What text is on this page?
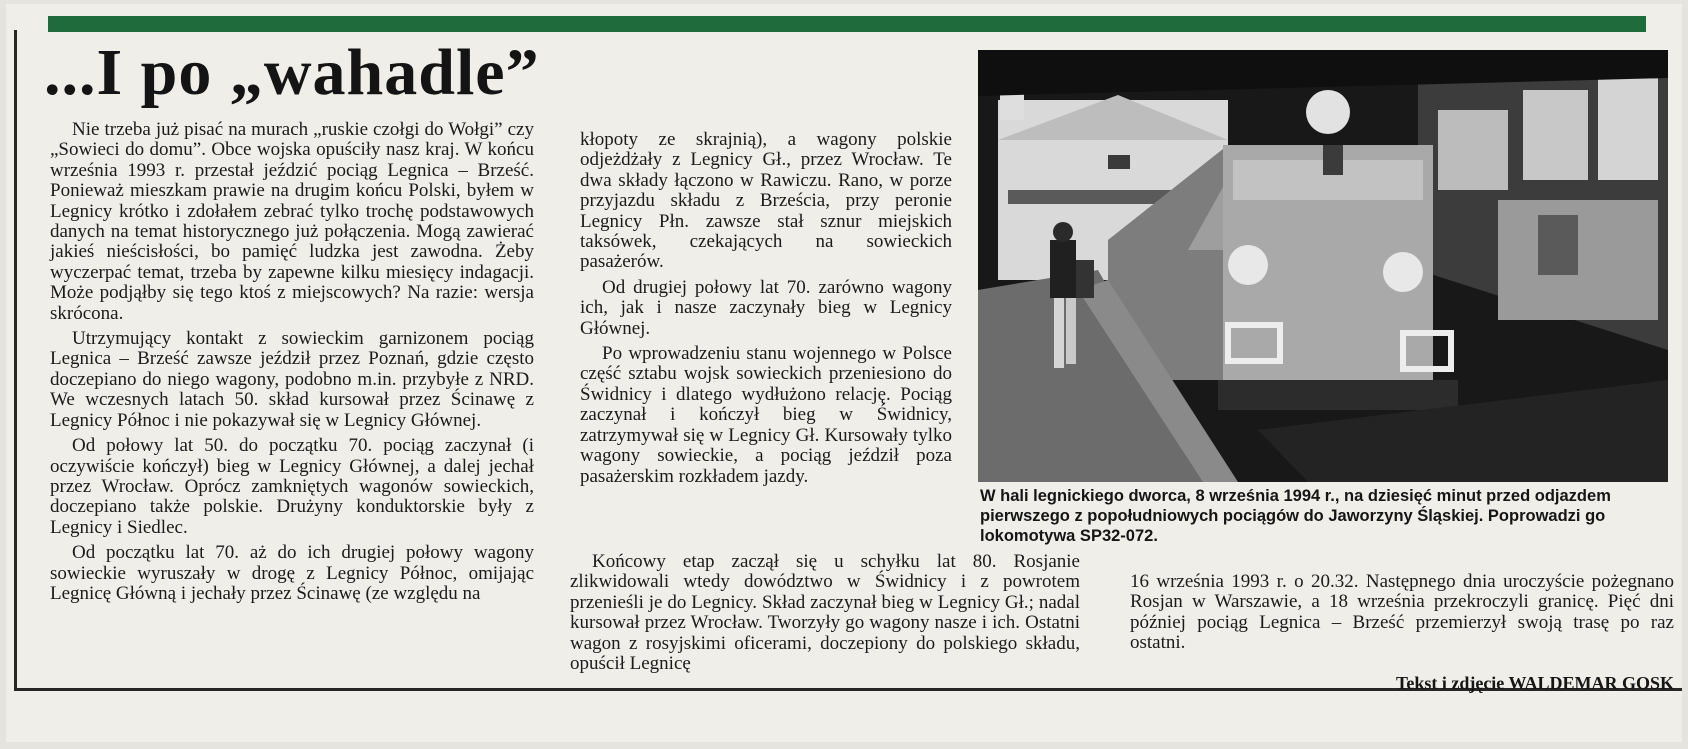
...I po „wahadle”

Nie trzeba już pisać na murach „ruskie czołgi do Wołgi” czy „Sowieci do domu”. Obce wojska opuściły nasz kraj. W końcu września 1993 r. przestał jeździć pociąg Legnica – Brześć. Ponieważ mieszkam prawie na drugim końcu Polski, byłem w Legnicy krótko i zdołałem zebrać tylko trochę podstawowych danych na temat historycznego już połączenia. Mogą zawierać jakieś nieścisłości, bo pamięć ludzka jest zawodna. Żeby wyczerpać temat, trzeba by zapewne kilku miesięcy indagacji. Może podjąłby się tego ktoś z miejscowych? Na razie: wersja skrócona.

Utrzymujący kontakt z sowieckim garnizonem pociąg Legnica – Brześć zawsze jeździł przez Poznań, gdzie często doczepiano do niego wagony, podobno m.in. przybyłe z NRD. We wczesnych latach 50. skład kursował przez Ścinawę z Legnicy Północ i nie pokazywał się w Legnicy Głównej.

Od połowy lat 50. do początku 70. pociąg zaczynał (i oczywiście kończył) bieg w Legnicy Głównej, a dalej jechał przez Wrocław. Oprócz zamkniętych wagonów sowieckich, doczepiano także polskie. Drużyny konduktorskie były z Legnicy i Siedlec.

Od początku lat 70. aż do ich drugiej połowy wagony sowieckie wyruszały w drogę z Legnicy Północ, omijając Legnicę Główną i jechały przez Ścinawę (ze względu na

kłopoty ze skrajnią), a wagony polskie odjeżdżały z Legnicy Gł., przez Wrocław. Te dwa składy łączono w Rawiczu. Rano, w porze przyjazdu składu z Brześcia, przy peronie Legnicy Płn. zawsze stał sznur miejskich taksówek, czekających na sowieckich pasażerów.

Od drugiej połowy lat 70. zarówno wagony ich, jak i nasze zaczynały bieg w Legnicy Głównej.

Po wprowadzeniu stanu wojennego w Polsce część sztabu wojsk sowieckich przeniesiono do Świdnicy i dlatego wydłużono relację. Pociąg zaczynał i kończył bieg w Świdnicy, zatrzymywał się w Legnicy Gł. Kursowały tylko wagony sowieckie, a pociąg jeździł poza pasażerskim rozkładem jazdy.

Końcowy etap zaczął się u schyłku lat 80. Rosjanie zlikwidowali wtedy dowództwo w Świdnicy i z powrotem przenieśli je do Legnicy. Skład zaczynał bieg w Legnicy Gł.; nadal kursował przez Wrocław. Tworzyły go wagony nasze i ich. Ostatni wagon z rosyjskimi oficerami, doczepiony do polskiego składu, opuścił Legnicę

16 września 1993 r. o 20.32. Następnego dnia uroczyście pożegnano Rosjan w Warszawie, a 18 września przekroczyli granicę. Pięć dni później pociąg Legnica – Brześć przemierzył swoją trasę po raz ostatni.

W hali legnickiego dworca, 8 września 1994 r., na dziesięć minut przed odjazdem pierwszego z popołudniowych pociągów do Jaworzyny Śląskiej. Poprowadzi go lokomotywa SP32-072.

Tekst i zdjęcie WALDEMAR GOSK
